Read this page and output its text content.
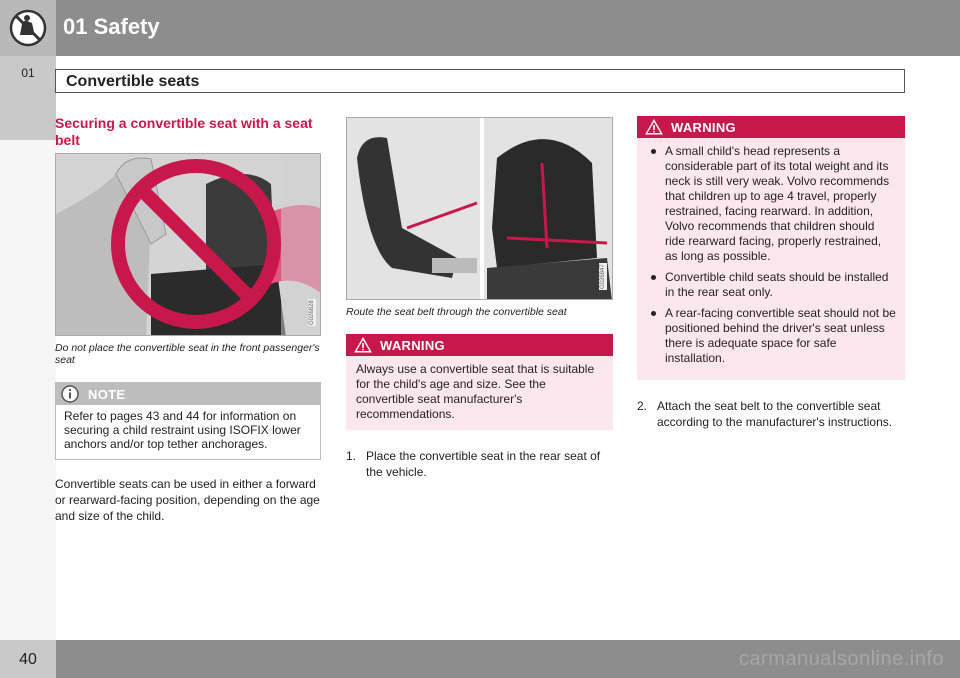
01 Safety
01	Convertible seats
Securing a convertible seat with a seat belt
G026828
Do not place the convertible seat in the front passenger's seat
NOTE
Refer to pages 43 and 44 for information on securing a child restraint using ISOFIX lower anchors and/or top tether anchorages.

Convertible seats can be used in either a forward or rearward-facing position, depending on the age and size of the child.

G026847
Route the seat belt through the convertible seat
WARNING
Always use a convertible seat that is suitable for the child's age and size. See the convertible seat manufacturer's recommendations.
1. Place the convertible seat in the rear seat of the vehicle.
WARNING
A small child's head represents a considerable part of its total weight and its neck is still very weak. Volvo recommends that children up to age 4 travel, properly restrained, facing rearward. In addition, Volvo recommends that children should ride rearward facing, properly restrained, as long as possible.
Convertible child seats should be installed in the rear seat only.
A rear-facing convertible seat should not be positioned behind the driver's seat unless there is adequate space for safe installation.
2. Attach the seat belt to the convertible seat according to the manufacturer's instructions.
40	carmanualsonline.info
